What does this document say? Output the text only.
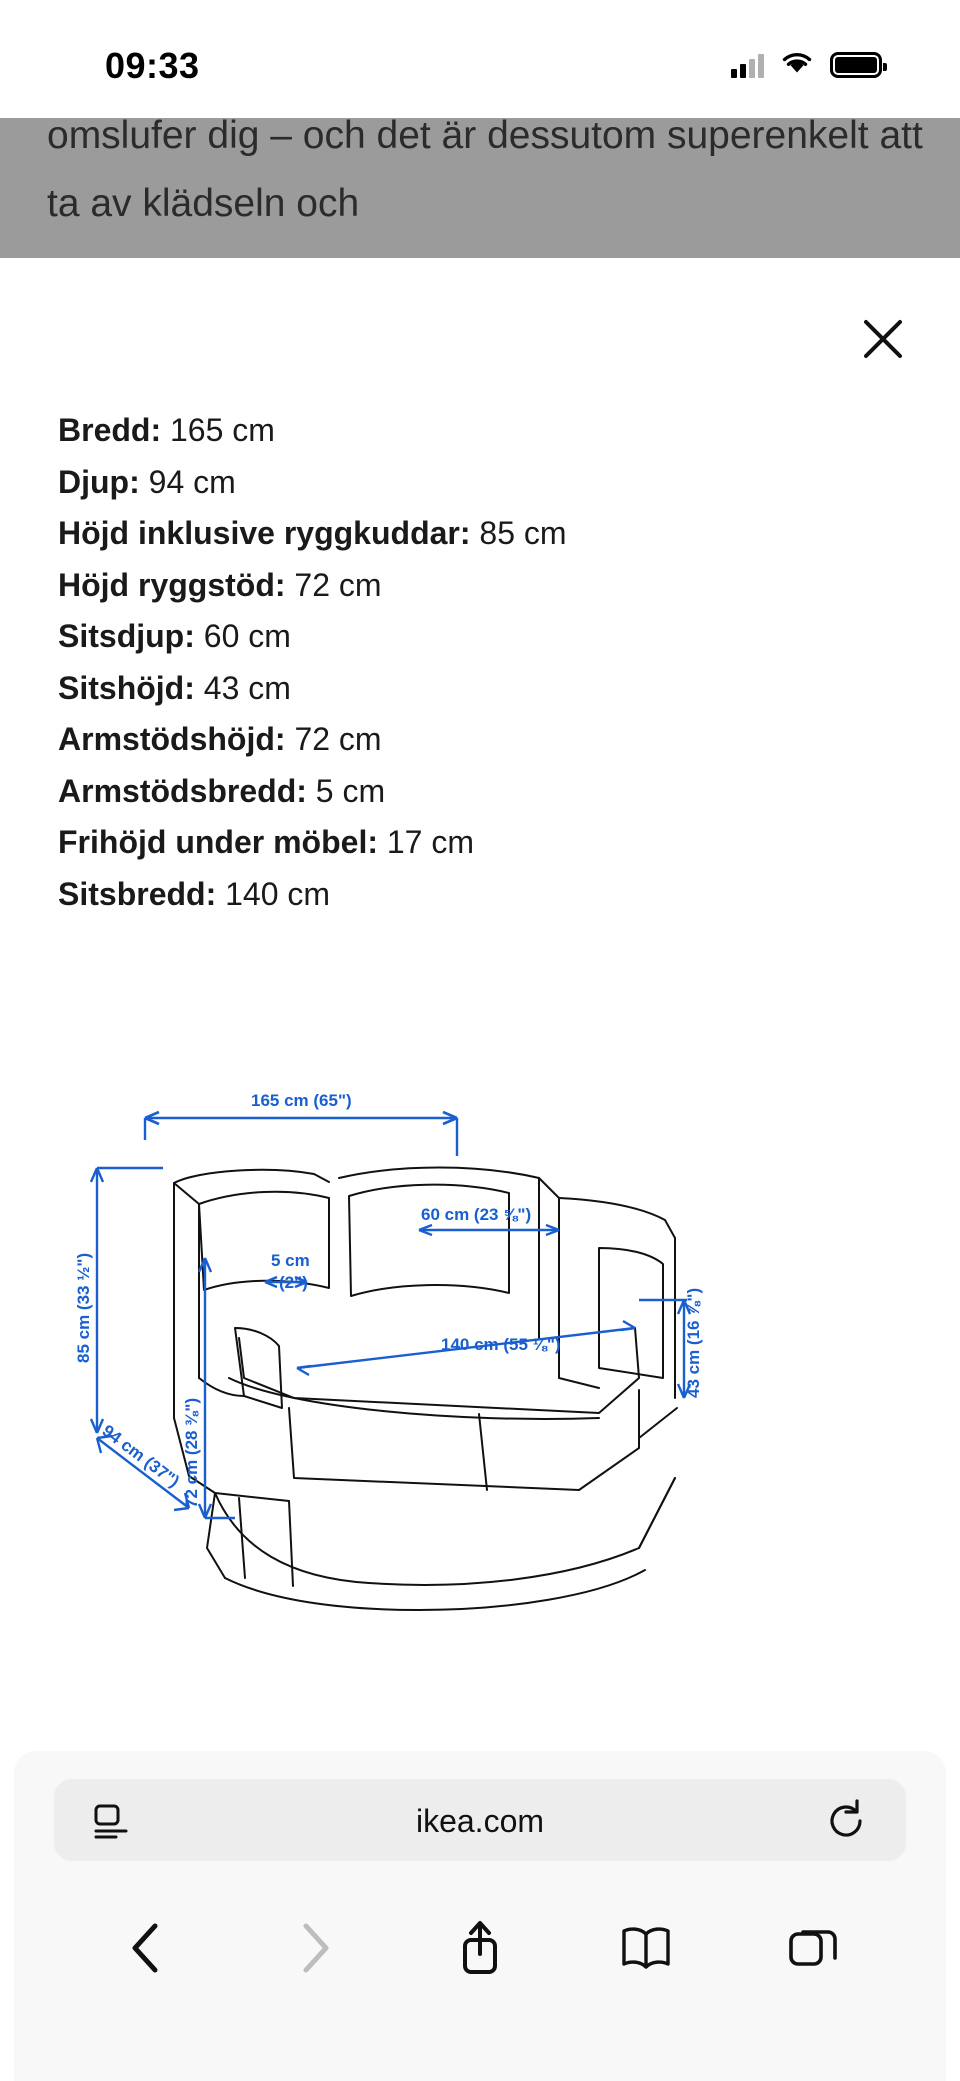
09:33
omslufer dig – och det är dessutom superenkelt att ta av klädseln och
Bredd: 165 cm
Djup: 94 cm
Höjd inklusive ryggkuddar: 85 cm
Höjd ryggstöd: 72 cm
Sitsdjup: 60 cm
Sitshöjd: 43 cm
Armstödshöjd: 72 cm
Armstödsbredd: 5 cm
Frihöjd under möbel: 17 cm
Sitsbredd: 140 cm
165 cm (65")
85 cm (33 ½")
94 cm (37") 72 cm (28 ⅜")
5 cm
(2")
60 cm (23 ⅝")
140 cm (55 ⅛")	43 cm (16 ⅞")
ikea.com
